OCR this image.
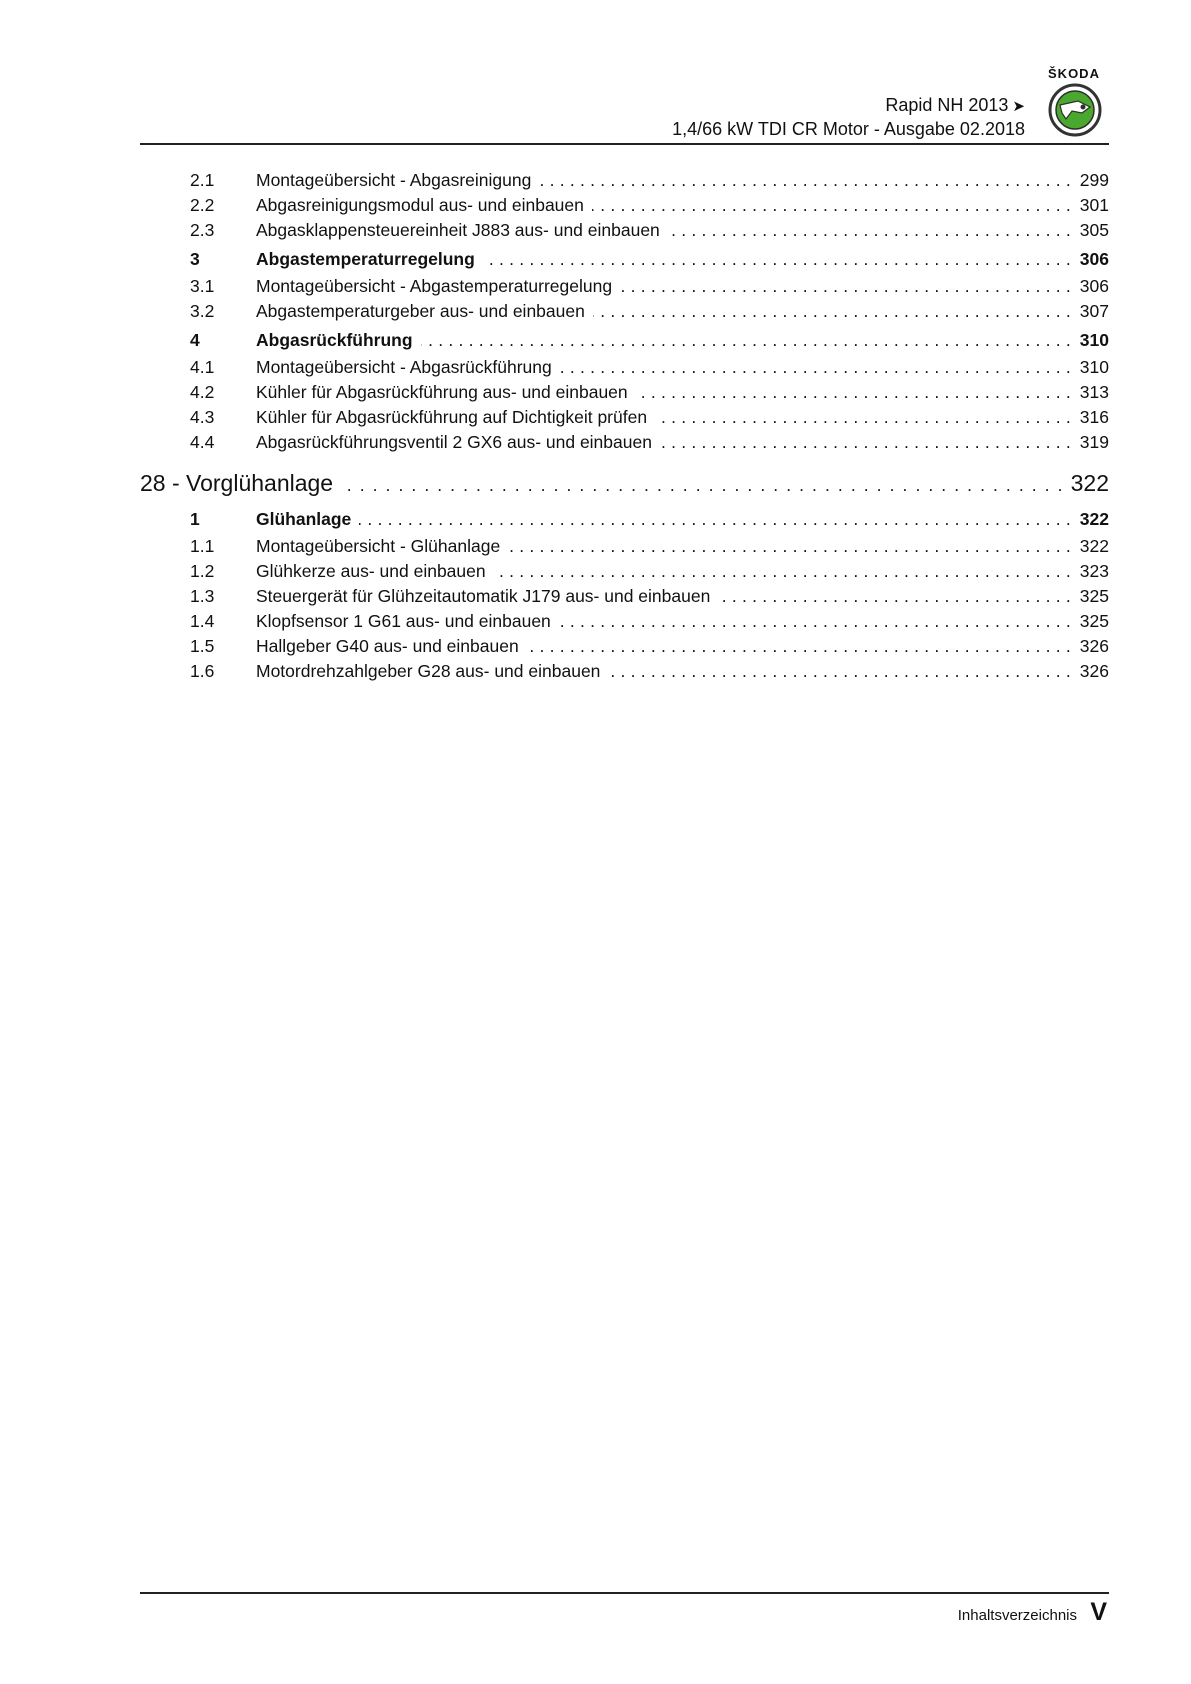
Rapid NH 2013 ➤
1,4/66 kW TDI CR Motor - Ausgabe 02.2018
ŠKODA
2.1 Montageübersicht - Abgasreinigung . . .	299
2.2 Abgasreinigungsmodul aus- und einbauen . . .	301
2.3 Abgasklappensteuereinheit J883 aus- und einbauen . . .	305
3	Abgastemperaturregelung . . .	306
3.1 Montageübersicht - Abgastemperaturregelung . . .	306
3.2 Abgastemperaturgeber aus- und einbauen . . .	307
4	Abgasrückführung . . .	310
4.1 Montageübersicht - Abgasrückführung . . .	310
4.2 Kühler für Abgasrückführung aus- und einbauen . . .	313
4.3 Kühler für Abgasrückführung auf Dichtigkeit prüfen . . .	316
4.4 Abgasrückführungsventil 2 GX6 aus- und einbauen . . .	319
28 - Vorglühanlage . . .	322
1	Glühanlage . . .	322
1.1 Montageübersicht - Glühanlage . . .	322
1.2 Glühkerze aus- und einbauen . . .	323
1.3 Steuergerät für Glühzeitautomatik J179 aus- und einbauen . . .	325
1.4 Klopfsensor 1 G61 aus- und einbauen . . .	325
1.5 Hallgeber G40 aus- und einbauen . . .	326
1.6 Motordrehzahlgeber G28 aus- und einbauen . . .	326
Inhaltsverzeichnis V
